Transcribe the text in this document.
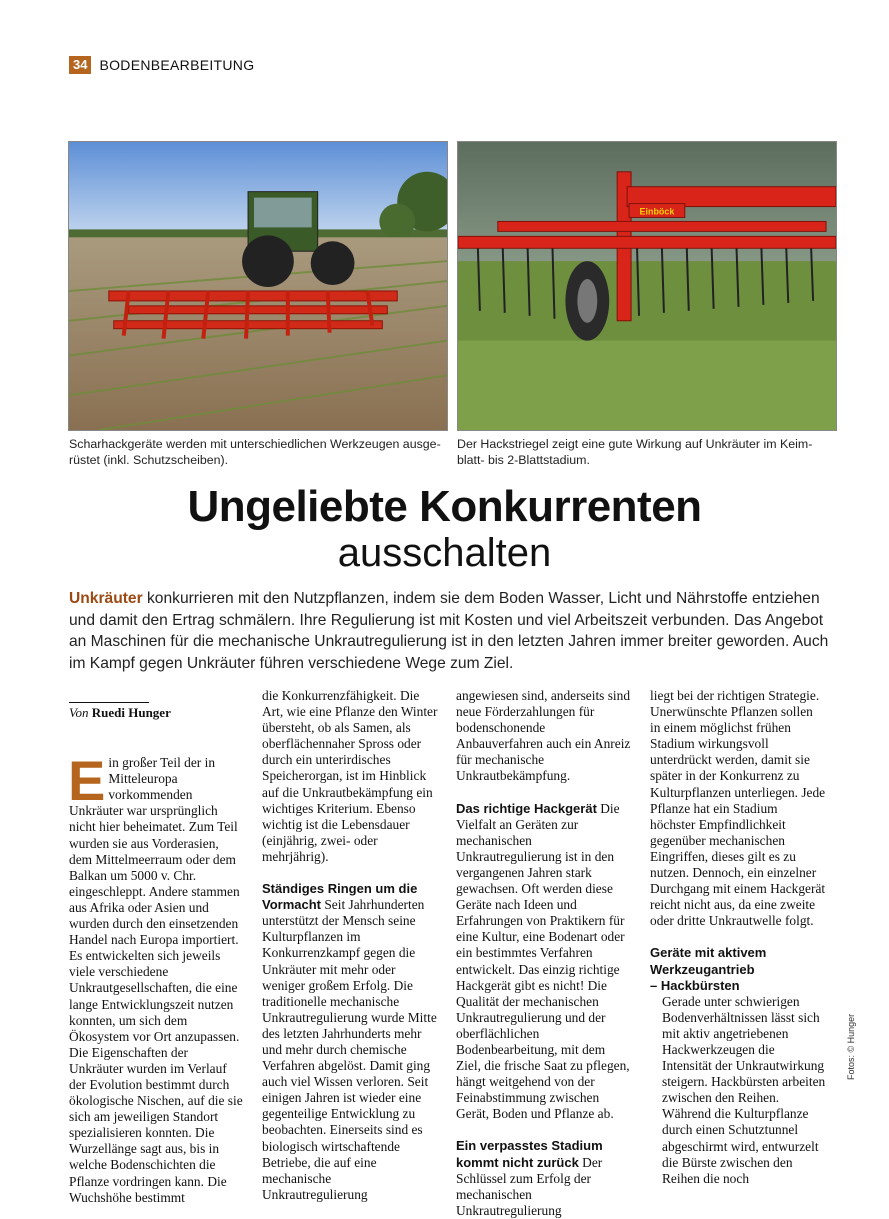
34 BODENBEARBEITUNG
Einböck
Scharhackgeräte werden mit unterschiedlichen Werkzeugen ausge-
rüstet (inkl. Schutzscheiben).
Der Hackstriegel zeigt eine gute Wirkung auf Unkräuter im Keim-
blatt- bis 2-Blattstadium.
Ungeliebte Konkurrenten
ausschalten
Unkräuter konkurrieren mit den Nutzpflanzen, indem sie dem Boden Wasser, Licht und Nährstoffe entziehen und damit den Ertrag schmälern. Ihre Regulierung ist mit Kosten und viel Arbeitszeit verbunden. Das Angebot an Maschinen für die mechanische Unkrautregulierung ist in den letzten Jahren immer breiter geworden. Auch im Kampf gegen Unkräuter führen verschiedene Wege zum Ziel.
Von Ruedi Hunger

Ein großer Teil der in Mitteleuropa vorkommenden Unkräuter war ursprünglich nicht hier beheimatet. Zum Teil wurden sie aus Vorderasien, dem Mittelmeerraum oder dem Balkan um 5000 v. Chr. eingeschleppt. Andere stammen aus Afrika oder Asien und wurden durch den einsetzenden Handel nach Europa importiert. Es entwickelten sich jeweils viele verschiedene Unkrautgesellschaften, die eine lange Entwicklungszeit nutzen konnten, um sich dem Ökosystem vor Ort anzupassen. Die Eigenschaften der Unkräuter wurden im Verlauf der Evolution bestimmt durch ökologische Nischen, auf die sie sich am jeweiligen Standort spezialisieren konnten. Die Wurzellänge sagt aus, bis in welche Bodenschichten die Pflanze vordringen kann. Die Wuchshöhe bestimmt

die Konkurrenzfähigkeit. Die Art, wie eine Pflanze den Winter übersteht, ob als Samen, als oberflächennaher Spross oder durch ein unterirdisches Speicherorgan, ist im Hinblick auf die Unkrautbekämpfung ein wichtiges Kriterium. Ebenso wichtig ist die Lebensdauer (einjährig, zwei- oder mehrjährig).

Ständiges Ringen um die Vormacht Seit Jahrhunderten unterstützt der Mensch seine Kulturpflanzen im Konkurrenzkampf gegen die Unkräuter mit mehr oder weniger großem Erfolg. Die traditionelle mechanische Unkrautregulierung wurde Mitte des letzten Jahrhunderts mehr und mehr durch chemische Verfahren abgelöst. Damit ging auch viel Wissen verloren. Seit einigen Jahren ist wieder eine gegenteilige Entwicklung zu beobachten. Einerseits sind es biologisch wirtschaftende Betriebe, die auf eine mechanische Unkrautregulierung

angewiesen sind, anderseits sind neue Förderzahlungen für bodenschonende Anbauverfahren auch ein Anreiz für mechanische Unkrautbekämpfung.

Das richtige Hackgerät Die Vielfalt an Geräten zur mechanischen Unkrautregulierung ist in den vergangenen Jahren stark gewachsen. Oft werden diese Geräte nach Ideen und Erfahrungen von Praktikern für eine Kultur, eine Bodenart oder ein bestimmtes Verfahren entwickelt. Das einzig richtige Hackgerät gibt es nicht! Die Qualität der mechanischen Unkrautregulierung und der oberflächlichen Bodenbearbeitung, mit dem Ziel, die frische Saat zu pflegen, hängt weitgehend von der Feinabstimmung zwischen Gerät, Boden und Pflanze ab.

Ein verpasstes Stadium kommt nicht zurück Der Schlüssel zum Erfolg der mechanischen Unkrautregulierung

liegt bei der richtigen Strategie. Unerwünschte Pflanzen sollen in einem möglichst frühen Stadium wirkungsvoll unterdrückt werden, damit sie später in der Konkurrenz zu Kulturpflanzen unterliegen. Jede Pflanze hat ein Stadium höchster Empfindlichkeit gegenüber mechanischen Eingriffen, dieses gilt es zu nutzen. Dennoch, ein einzelner Durchgang mit einem Hackgerät reicht nicht aus, da eine zweite oder dritte Unkrautwelle folgt.

Geräte mit aktivem Werkzeugantrieb

– Hackbürsten

Gerade unter schwierigen Bodenverhältnissen lässt sich mit aktiv angetriebenen Hackwerkzeugen die Intensität der Unkrautwirkung steigern. Hackbürsten arbeiten zwischen den Reihen. Während die Kulturpflanze durch einen Schutztunnel abgeschirmt wird, entwurzelt die Bürste zwischen den Reihen die noch

Fotos: © Hunger
